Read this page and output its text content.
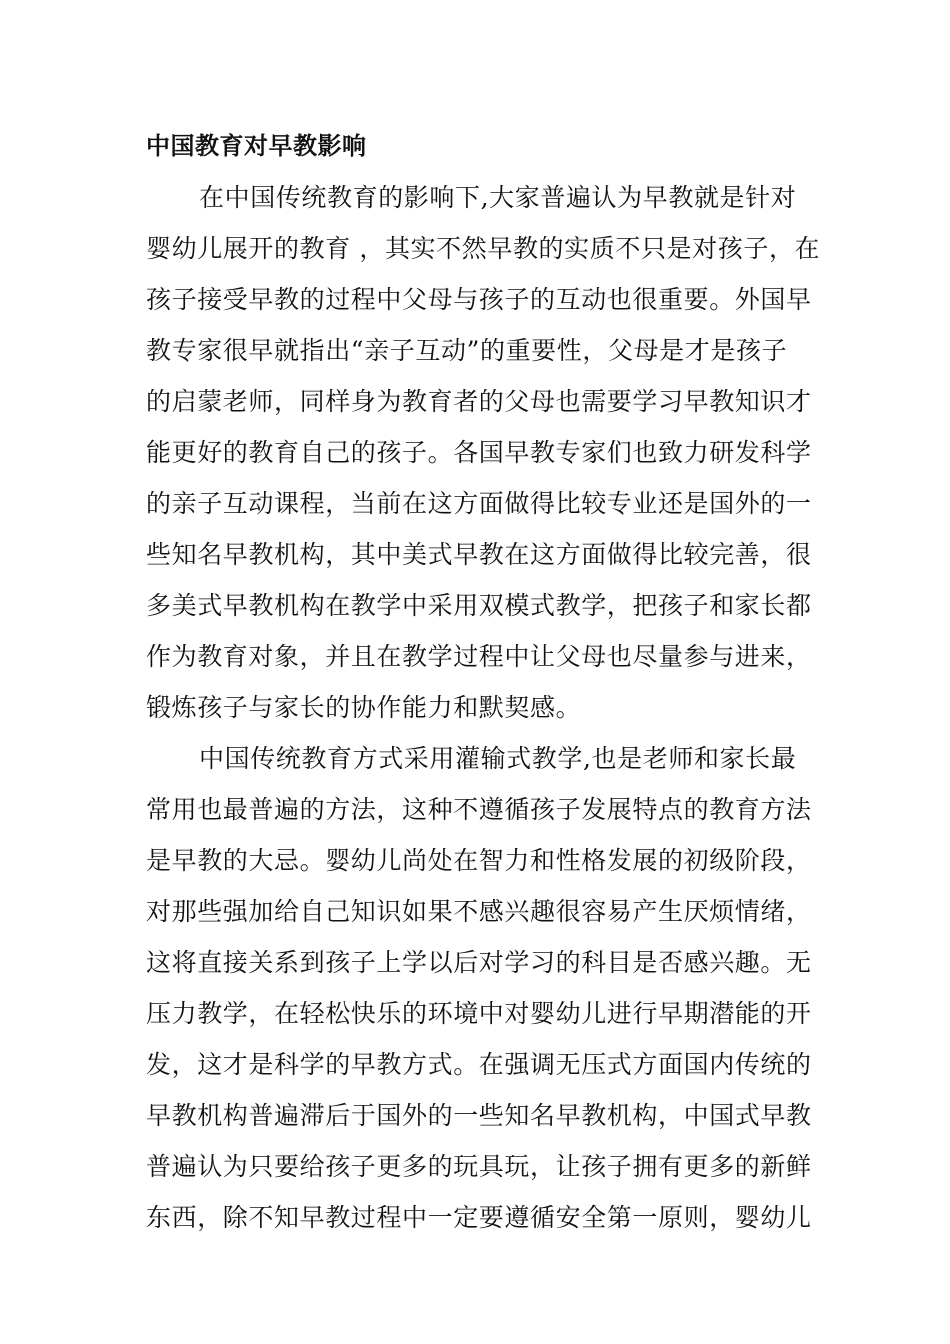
中国教育对早教影响
在中国传统教育的影响下,大家普遍认为早教就是针对
婴幼儿展开的教育 ，其实不然早教的实质不只是对孩子，在
孩子接受早教的过程中父母与孩子的互动也很重要。外国早
教专家很早就指出“亲子互动”的重要性，父母是才是孩子
的启蒙老师，同样身为教育者的父母也需要学习早教知识才
能更好的教育自己的孩子。各国早教专家们也致力研发科学
的亲子互动课程，当前在这方面做得比较专业还是国外的一
些知名早教机构，其中美式早教在这方面做得比较完善，很
多美式早教机构在教学中采用双模式教学，把孩子和家长都
作为教育对象，并且在教学过程中让父母也尽量参与进来，
锻炼孩子与家长的协作能力和默契感。
中国传统教育方式采用灌输式教学,也是老师和家长最
常用也最普遍的方法，这种不遵循孩子发展特点的教育方法
是早教的大忌。婴幼儿尚处在智力和性格发展的初级阶段，
对那些强加给自己知识如果不感兴趣很容易产生厌烦情绪，
这将直接关系到孩子上学以后对学习的科目是否感兴趣。无
压力教学，在轻松快乐的环境中对婴幼儿进行早期潜能的开
发，这才是科学的早教方式。在强调无压式方面国内传统的
早教机构普遍滞后于国外的一些知名早教机构，中国式早教
普遍认为只要给孩子更多的玩具玩，让孩子拥有更多的新鲜
东西，除不知早教过程中一定要遵循安全第一原则，婴幼儿
